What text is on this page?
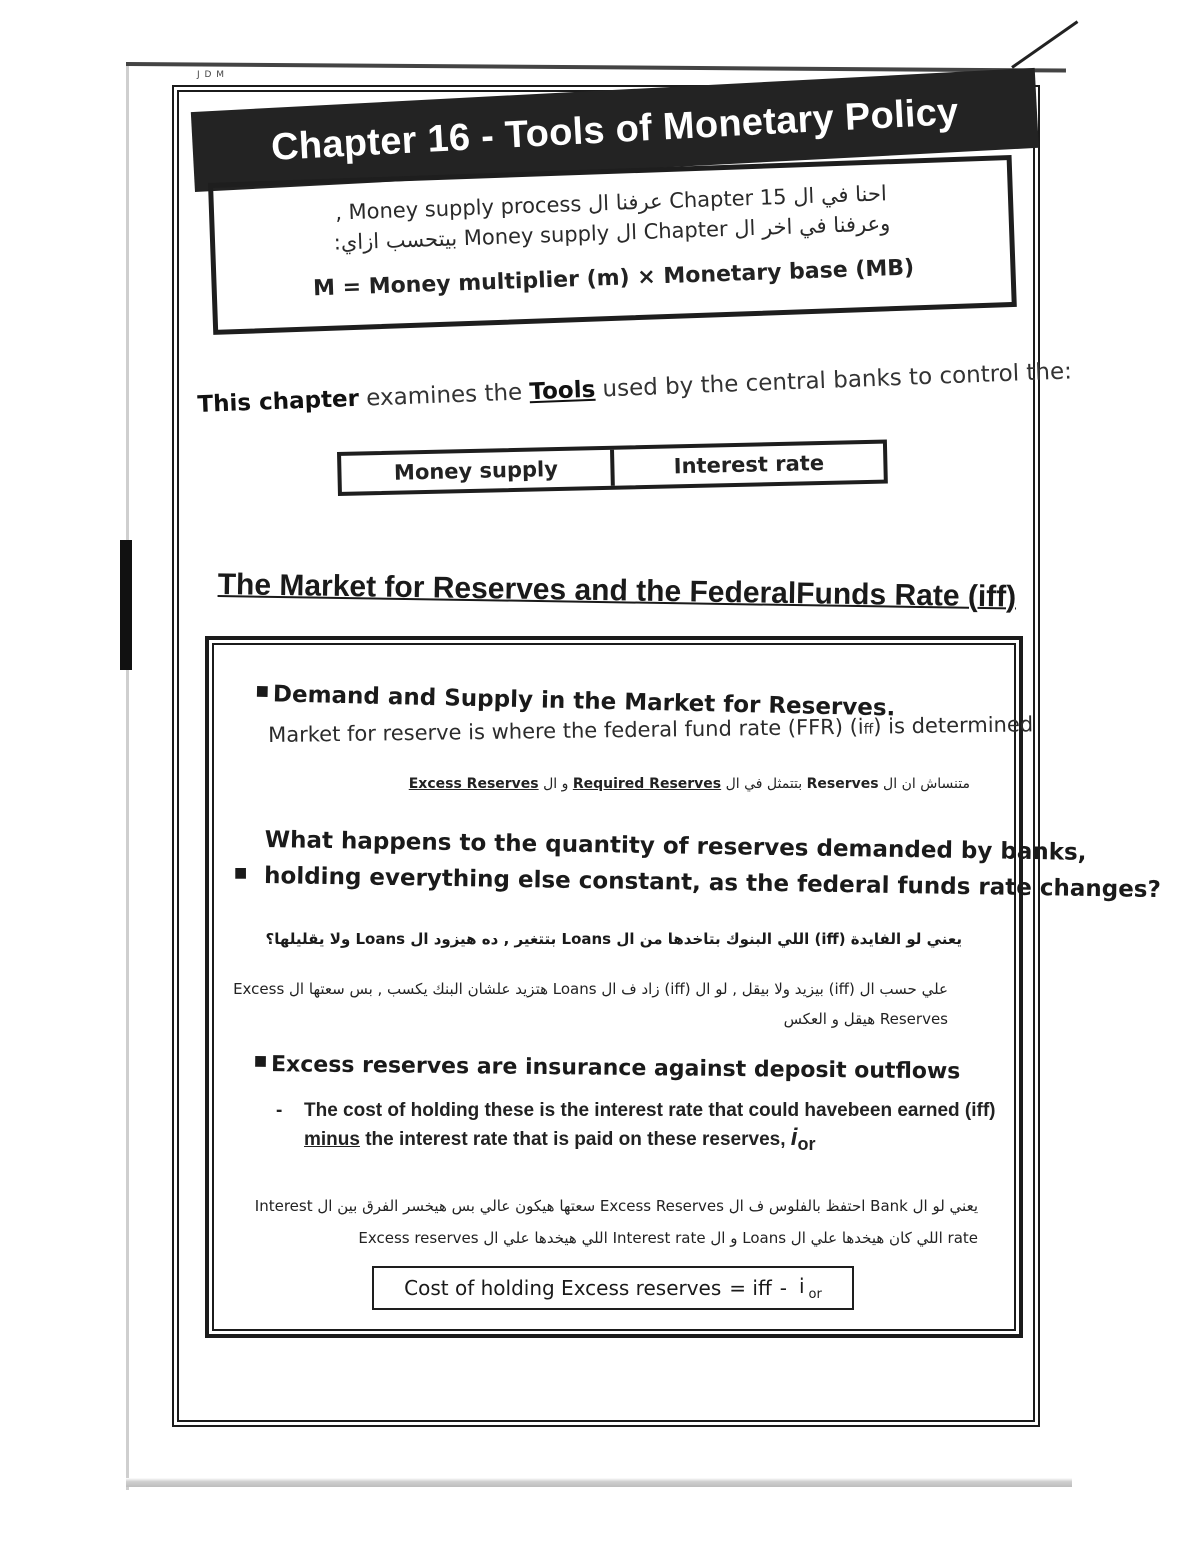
J D M
Chapter 16 - Tools of Monetary Policy
احنا في ال Chapter 15 عرفنا ال Money supply process ,
وعرفنا في اخر ال Chapter ال Money supply بيتحسب ازاي:
M = Money multiplier (m) × Monetary base (MB)
This chapter examines the Tools used by the central banks to control the:
Money supply	Interest rate
The Market for Reserves and the FederalFunds Rate (iff)
■ Demand and Supply in the Market for Reserves.
Market for reserve is where the federal fund rate (FFR) (iff) is determined
متنساش ان ال Reserves بتتمثل في ال Required Reserves و ال Excess Reserves
■What happens to the quantity of reserves demanded by banks,
holding everything else constant, as the federal funds rate changes?
يعني لو الفايدة (iff) اللي البنوك بتاخدها من ال Loans بتتغير , ده هيزود ال Loans ولا يقليلها؟
علي حسب ال (iff) بيزيد ولا بيقل , لو ال (iff) زاد ف ال Loans هتزيد علشان البنك يكسب , بس سعتها ال Excess Reserves هيقل و العكس
■ Excess reserves are insurance against deposit outflows
-	The cost of holding these is the interest rate that could havebeen earned (iff) minus the interest rate that is paid on these reserves, $i_{or}$
يعني لو ال Bank احتفظ بالفلوس ف ال Excess Reserves سعتها هيكون عالي بس هيخسر الفرق بين ال Interest rate اللي كان هيخدها علي ال Loans و ال Interest rate اللي هيخدها علي ال Excess reserves
Cost of holding Excess reserves = iff - i $_{or}$
